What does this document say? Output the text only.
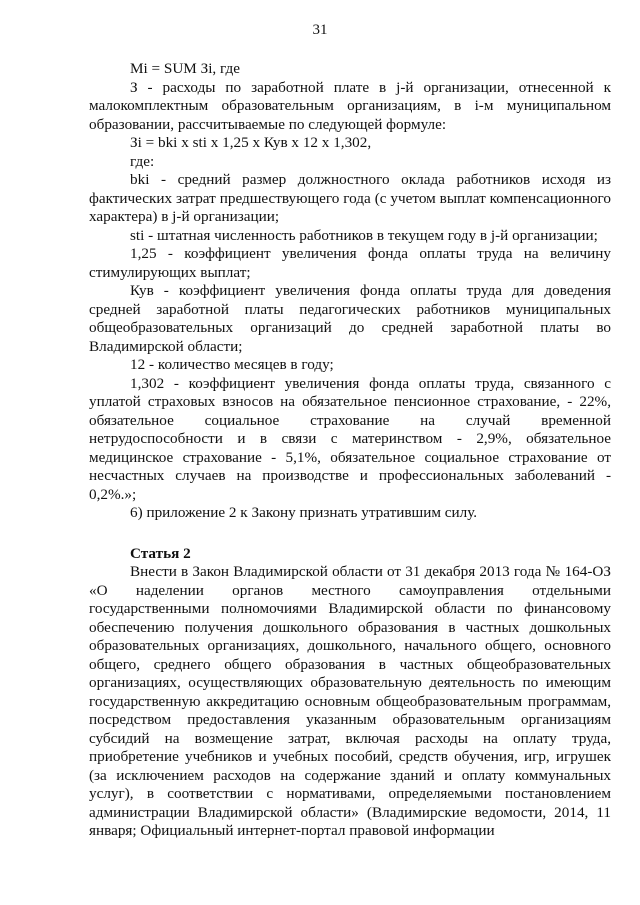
31

Mi = SUM Зi, где

З - расходы по заработной плате в j-й организации, отнесенной к малокомплектным образовательным организациям, в i-м муниципальном образовании, рассчитываемые по следующей формуле:

Зi = bki х sti х 1,25 х Кув х 12 х 1,302,

где:

bki - средний размер должностного оклада работников исходя из фактических затрат предшествующего года (с учетом выплат компенсационного характера) в j-й организации;

sti - штатная численность работников в текущем году в j-й организации;

1,25 - коэффициент увеличения фонда оплаты труда на величину стимулирующих выплат;

Кув - коэффициент увеличения фонда оплаты труда для доведения средней заработной платы педагогических работников муниципальных общеобразовательных организаций до средней заработной платы во Владимирской области;

12 - количество месяцев в году;

1,302 - коэффициент увеличения фонда оплаты труда, связанного с уплатой страховых взносов на обязательное пенсионное страхование, - 22%, обязательное социальное страхование на случай временной нетрудоспособности и в связи с материнством - 2,9%, обязательное медицинское страхование - 5,1%, обязательное социальное страхование от несчастных случаев на производстве и профессиональных заболеваний - 0,2%.»;

6) приложение 2 к Закону признать утратившим силу.

Статья 2

Внести в Закон Владимирской области от 31 декабря 2013 года № 164-ОЗ «О наделении органов местного самоуправления отдельными государственными полномочиями Владимирской области по финансовому обеспечению получения дошкольного образования в частных дошкольных образовательных организациях, дошкольного, начального общего, основного общего, среднего общего образования в частных общеобразовательных организациях, осуществляющих образовательную деятельность по имеющим государственную аккредитацию основным общеобразовательным программам, посредством предоставления указанным образовательным организациям субсидий на возмещение затрат, включая расходы на оплату труда, приобретение учебников и учебных пособий, средств обучения, игр, игрушек (за исключением расходов на содержание зданий и оплату коммунальных услуг), в соответствии с нормативами, определяемыми постановлением администрации Владимирской области» (Владимирские ведомости, 2014, 11 января; Официальный интернет-портал правовой информации
